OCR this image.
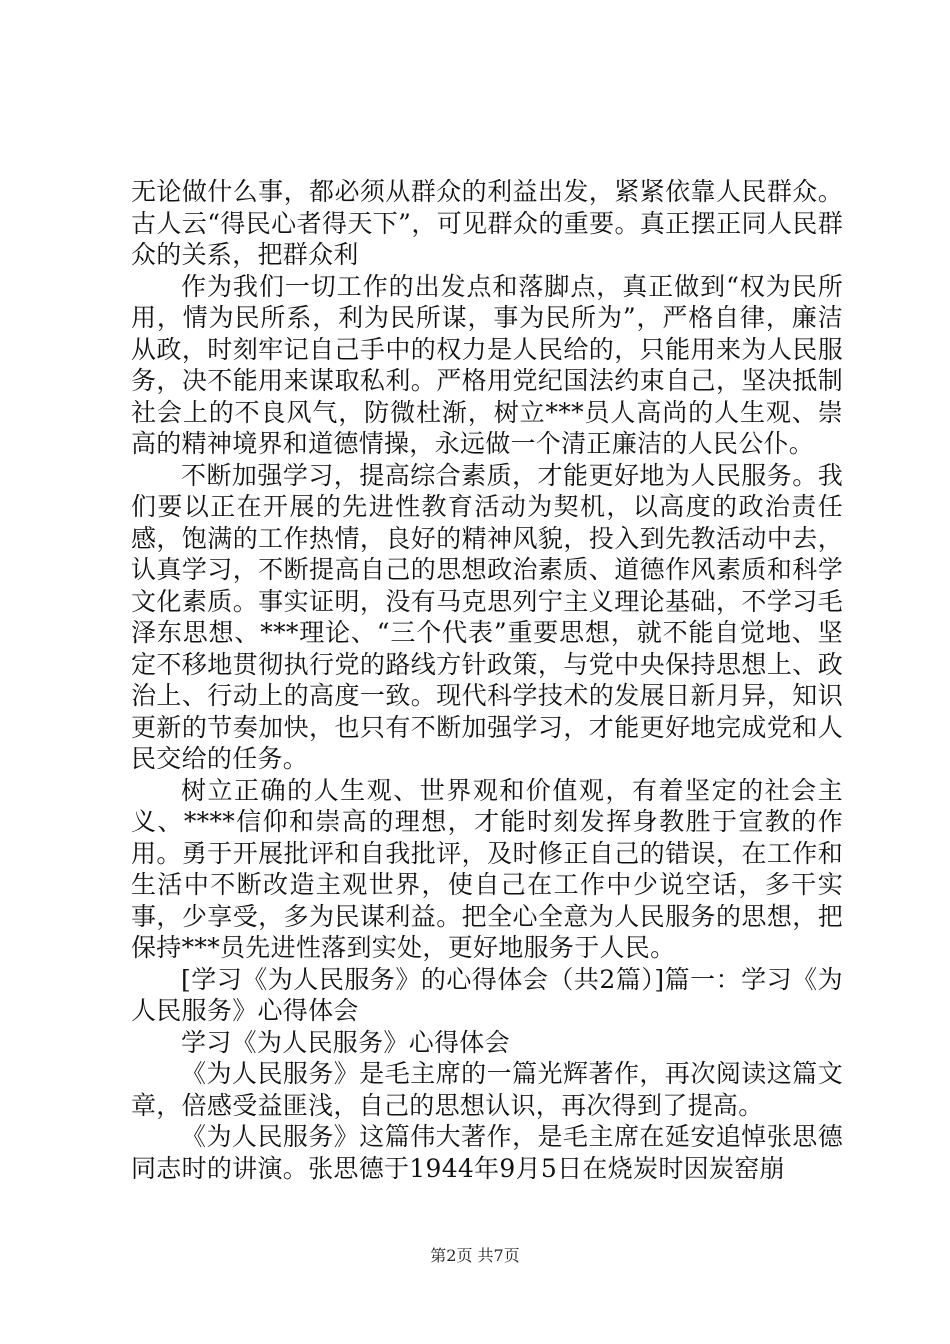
无论做什么事，都必须从群众的利益出发，紧紧依靠人民群众。古人云“得民心者得天下”，可见群众的重要。真正摆正同人民群众的关系，把群众利

作为我们一切工作的出发点和落脚点，真正做到“权为民所用，情为民所系，利为民所谋，事为民所为”，严格自律，廉洁从政，时刻牢记自己手中的权力是人民给的，只能用来为人民服务，决不能用来谋取私利。严格用党纪国法约束自己，坚决抵制社会上的不良风气，防微杜渐，树立***员人高尚的人生观、崇高的精神境界和道德情操，永远做一个清正廉洁的人民公仆。

不断加强学习，提高综合素质，才能更好地为人民服务。我们要以正在开展的先进性教育活动为契机，以高度的政治责任感，饱满的工作热情，良好的精神风貌，投入到先教活动中去，认真学习，不断提高自己的思想政治素质、道德作风素质和科学文化素质。事实证明，没有马克思列宁主义理论基础，不学习毛泽东思想、***理论、“三个代表”重要思想，就不能自觉地、坚定不移地贯彻执行党的路线方针政策，与党中央保持思想上、政治上、行动上的高度一致。现代科学技术的发展日新月异，知识更新的节奏加快，也只有不断加强学习，才能更好地完成党和人民交给的任务。

树立正确的人生观、世界观和价值观，有着坚定的社会主义、****信仰和崇高的理想，才能时刻发挥身教胜于宣教的作用。勇于开展批评和自我批评，及时修正自己的错误，在工作和生活中不断改造主观世界，使自己在工作中少说空话，多干实事，少享受，多为民谋利益。把全心全意为人民服务的思想，把保持***员先进性落到实处，更好地服务于人民。

[学习《为人民服务》的心得体会（共2篇）]篇一：学习《为人民服务》心得体会

学习《为人民服务》心得体会

《为人民服务》是毛主席的一篇光辉著作，再次阅读这篇文章，倍感受益匪浅，自己的思想认识，再次得到了提高。

《为人民服务》这篇伟大著作，是毛主席在延安追悼张思德同志时的讲演。张思德于1944年9月5日在烧炭时因炭窑崩

第2页 共7页
